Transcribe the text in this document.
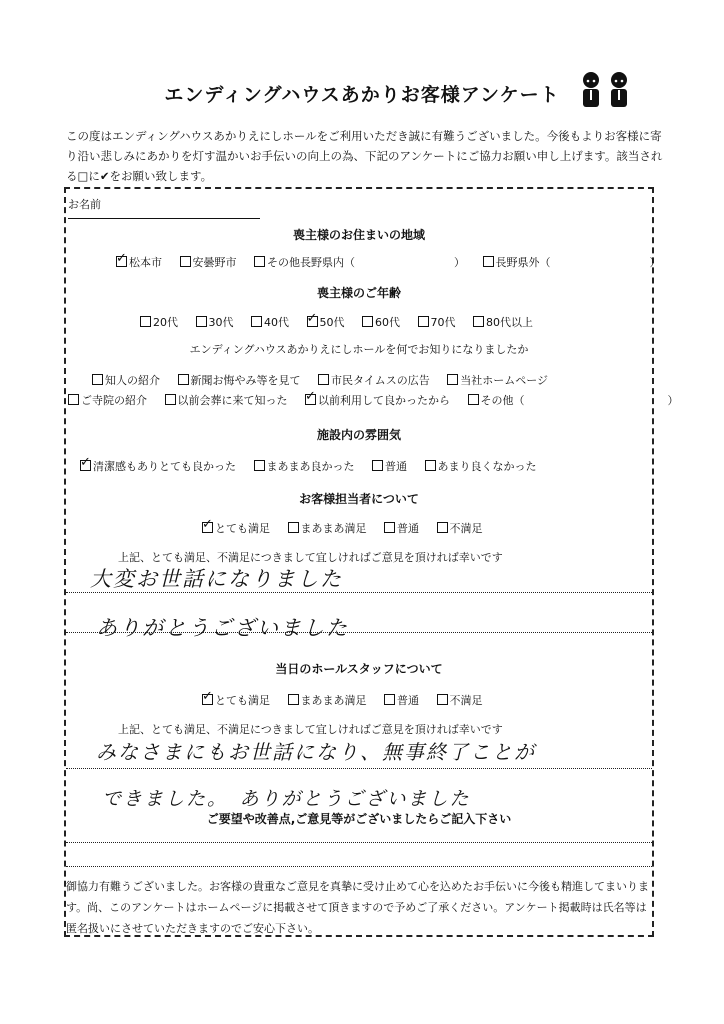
エンディングハウスあかりお客様アンケート
この度はエンディングハウスあかりえにしホールをご利用いただき誠に有難うございました。今後もよりお客様に寄り沿い悲しみにあかりを灯す温かいお手伝いの向上の為、下記のアンケートにご協力お願い申し上げます。該当される□に✔をお願い致します。
お名前
喪主様のお住まいの地域
✓松本市	安曇野市	その他長野県内（　　　　　　　　　）	長野県外（　　　　　　　　　）
喪主様のご年齢
20代	30代	40代 ✓	50代	60代	70代	80代以上
エンディングハウスあかりえにしホールを何でお知りになりましたか
知人の紹介	新聞お悔やみ等を見て	市民タイムスの広告	当社ホームページ
ご寺院の紹介	以前会葬に来て知った ✓	以前利用して良かったから	その他（　　　　　　　　　　　　　）
施設内の雰囲気
✓清潔感もありとても良かった	まあまあ良かった	普通	あまり良くなかった
お客様担当者について
✓とても満足	まあまあ満足	普通	不満足
上記、とても満足、不満足につきまして宜しければご意見を頂ければ幸いです
大変お世話になりました
ありがとうございました
当日のホールスタッフについて
✓とても満足	まあまあ満足	普通	不満足
上記、とても満足、不満足につきまして宜しければご意見を頂ければ幸いです
みなさまにもお世話になり、無事終了ことが
できました。　ありがとうございました
ご要望や改善点,ご意見等がございましたらご記入下さい
御協力有難うございました。お客様の貴重なご意見を真摯に受け止めて心を込めたお手伝いに今後も精進してまいります。尚、このアンケートはホームページに掲載させて頂きますので予めご了承ください。アンケート掲載時は氏名等は匿名扱いにさせていただきますのでご安心下さい。
